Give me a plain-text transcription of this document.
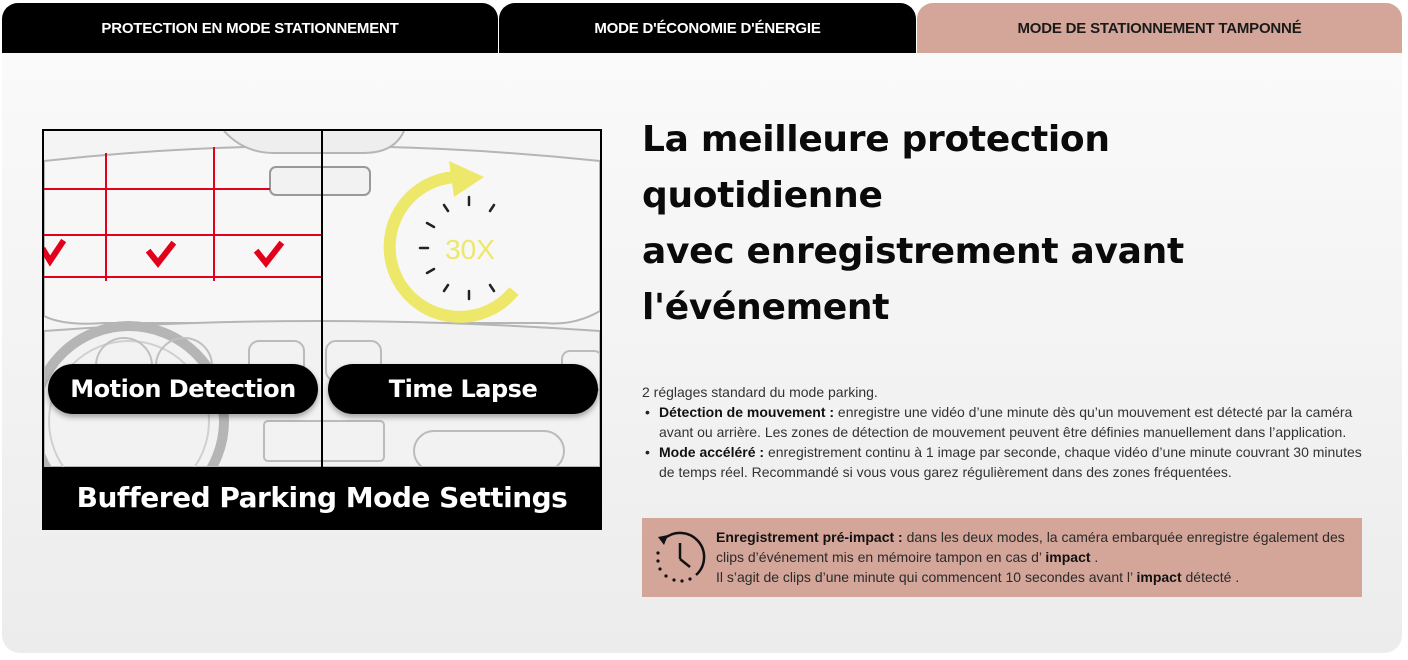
PROTECTION EN MODE STATIONNEMENT	MODE D'ÉCONOMIE D'ÉNERGIE	MODE DE STATIONNEMENT TAMPONNÉ
30X
Motion Detection	Time Lapse
Buffered Parking Mode Settings
La meilleure protection
quotidienne
avec enregistrement avant
l'événement

2 réglages standard du mode parking.

• Détection de mouvement : enregistre une vidéo d’une minute dès qu’un mouvement est détecté par la caméra avant ou arrière. Les zones de détection de mouvement peuvent être définies manuellement dans l’application.
• Mode accéléré : enregistrement continu à 1 image par seconde, chaque vidéo d’une minute couvrant 30 minutes de temps réel. Recommandé si vous vous garez régulièrement dans des zones fréquentées.

Enregistrement pré-impact : dans les deux modes, la caméra embarquée enregistre également des clips d’événement mis en mémoire tampon en cas d’ impact .
Il s’agit de clips d’une minute qui commencent 10 secondes avant l’ impact détecté .
